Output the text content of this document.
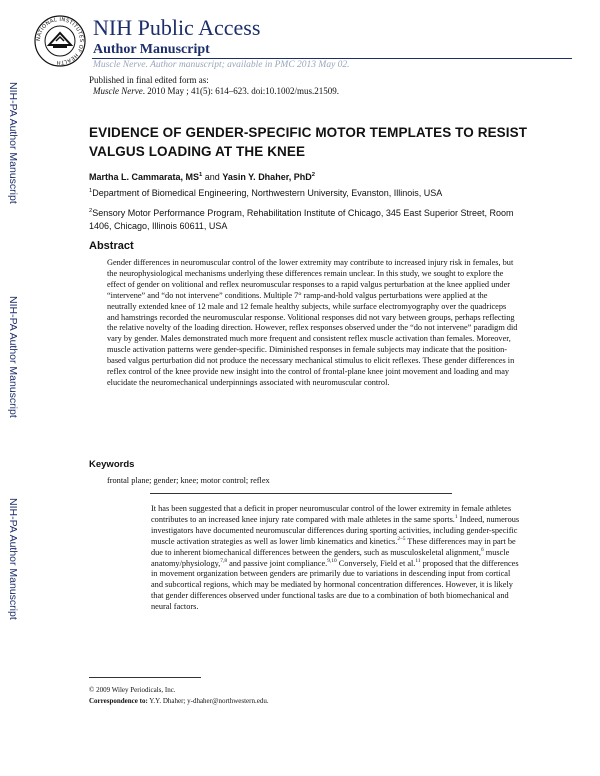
NATIONAL INSTITUTES OF HEALTH
NIH Public Access
Author Manuscript
Muscle Nerve. Author manuscript; available in PMC 2013 May 02.
NIH-PA Author Manuscript
NIH-PA Author Manuscript
NIH-PA Author Manuscript
Published in final edited form as:
Muscle Nerve. 2010 May ; 41(5): 614–623. doi:10.1002/mus.21509.
EVIDENCE OF GENDER-SPECIFIC MOTOR TEMPLATES TO RESIST VALGUS LOADING AT THE KNEE
Martha L. Cammarata, $MS^1$ and Yasin Y. Dhaher, PhD$^2$
$^1$Department of Biomedical Engineering, Northwestern University, Evanston, Illinois, USA
$^2$Sensory Motor Performance Program, Rehabilitation Institute of Chicago, 345 East Superior Street, Room 1406, Chicago, Illinois 60611, USA
Abstract
Gender differences in neuromuscular control of the lower extremity may contribute to increased injury risk in females, but the neurophysiological mechanisms underlying these differences remain unclear. In this study, we sought to explore the effect of gender on volitional and reflex neuromuscular responses to a rapid valgus perturbation at the knee applied under “intervene” and “do not intervene” conditions. Multiple 7° ramp-and-hold valgus perturbations were applied at the neutrally extended knee of 12 male and 12 female healthy subjects, while surface electromyography over the quadriceps and hamstrings recorded the neuromuscular response. Volitional responses did not vary between groups, perhaps reflecting the relative novelty of the loading direction. However, reflex responses observed under the “do not intervene” paradigm did vary by gender. Males demonstrated much more frequent and consistent reflex muscle activation than females. Moreover, muscle activation patterns were gender-specific. Diminished responses in female subjects may indicate that the position-based valgus perturbation did not produce the necessary mechanical stimulus to elicit reflexes. These gender differences in reflex control of the knee provide new insight into the control of frontal-plane knee joint movement and loading and may elucidate the neuromechanical underpinnings associated with neuromuscular control.
Keywords
frontal plane; gender; knee; motor control; reflex
It has been suggested that a deficit in proper neuromuscular control of the lower extremity in female athletes contributes to an increased knee injury rate compared with male athletes in the same sports.$^1$ Indeed, numerous investigators have documented neuromuscular differences during sporting activities, including gender-specific muscle activation strategies as well as lower limb kinematics and kinetics.$^{2-5}$ These differences may in part be due to inherent biomechanical differences between the genders, such as musculoskeletal alignment,$^6$ muscle anatomy/physiology,$^{7,8}$ and passive joint compliance.$^{9,10}$ Conversely, Field et al.$^{11}$ proposed that the differences in movement organization between genders are primarily due to variations in descending input from cortical and subcortical regions, which may be mediated by hormonal concentration differences. However, it is likely that gender differences observed under functional tasks are due to a combination of both biomechanical and neural factors.
© 2009 Wiley Periodicals, Inc.
Correspondence to: Y.Y. Dhaher; y-dhaher@northwestern.edu.
